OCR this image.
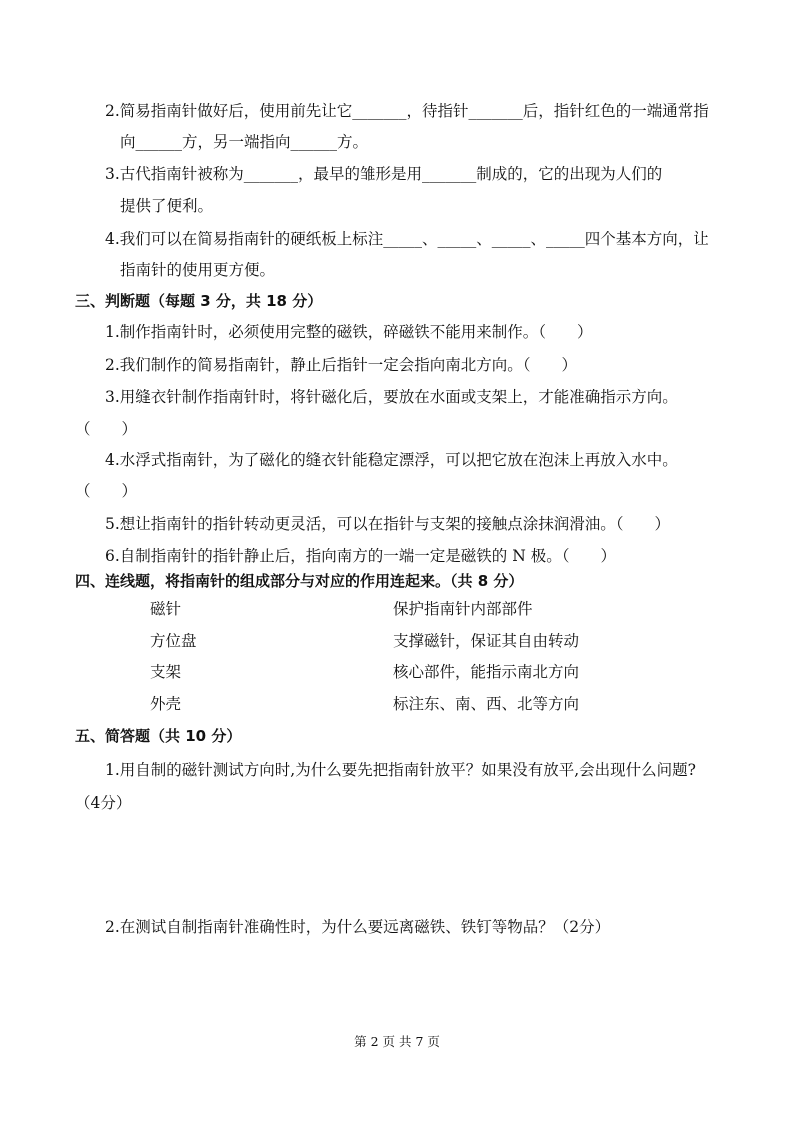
2.简易指南针做好后，使用前先让它_______，待指针_______后，指针红色的一端通常指
向______方，另一端指向______方。
3.古代指南针被称为_______，最早的雏形是用_______制成的，它的出现为人们的
提供了便利。
4.我们可以在简易指南针的硬纸板上标注_____、_____、_____、_____四个基本方向，让
指南针的使用更方便。
三、判断题（每题 3 分，共 18 分）
1.制作指南针时，必须使用完整的磁铁，碎磁铁不能用来制作。（　　）
2.我们制作的简易指南针，静止后指针一定会指向南北方向。（　　）
3.用缝衣针制作指南针时，将针磁化后，要放在水面或支架上，才能准确指示方向。
（　　）
4.水浮式指南针，为了磁化的缝衣针能稳定漂浮，可以把它放在泡沫上再放入水中。
（　　）
5.想让指南针的指针转动更灵活，可以在指针与支架的接触点涂抹润滑油。（　　）
6.自制指南针的指针静止后，指向南方的一端一定是磁铁的 N 极。（　　）
四、连线题，将指南针的组成部分与对应的作用连起来。（共 8 分）
磁针
方位盘
支架
外壳
保护指南针内部部件
支撑磁针，保证其自由转动
核心部件，能指示南北方向
标注东、南、西、北等方向
五、简答题（共 10 分）
1.用自制的磁针测试方向时,为什么要先把指南针放平？如果没有放平,会出现什么问题?
（4分）
2.在测试自制指南针准确性时，为什么要远离磁铁、铁钉等物品？（2分）
第 2 页 共 7 页
